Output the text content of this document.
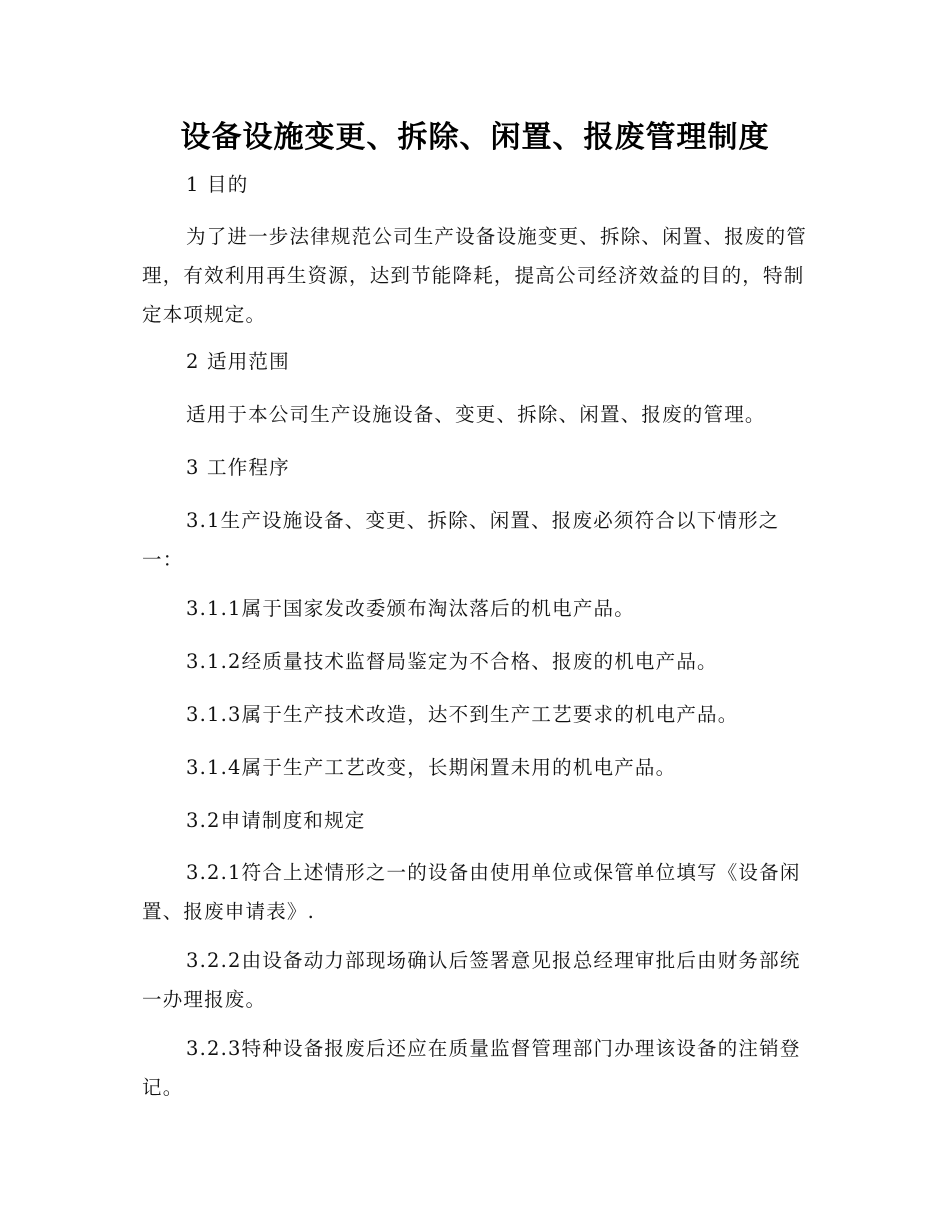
设备设施变更、拆除、闲置、报废管理制度

1 目的

为了进一步法律规范公司生产设备设施变更、拆除、闲置、报废的管理，有效利用再生资源，达到节能降耗，提高公司经济效益的目的，特制定本项规定。

2 适用范围

适用于本公司生产设施设备、变更、拆除、闲置、报废的管理。

3 工作程序

3.1生产设施设备、变更、拆除、闲置、报废必须符合以下情形之一：

3.1.1属于国家发改委颁布淘汰落后的机电产品。

3.1.2经质量技术监督局鉴定为不合格、报废的机电产品。

3.1.3属于生产技术改造，达不到生产工艺要求的机电产品。

3.1.4属于生产工艺改变，长期闲置未用的机电产品。

3.2申请制度和规定

3.2.1符合上述情形之一的设备由使用单位或保管单位填写《设备闲置、报废申请表》.

3.2.2由设备动力部现场确认后签署意见报总经理审批后由财务部统一办理报废。

3.2.3特种设备报废后还应在质量监督管理部门办理该设备的注销登记。
